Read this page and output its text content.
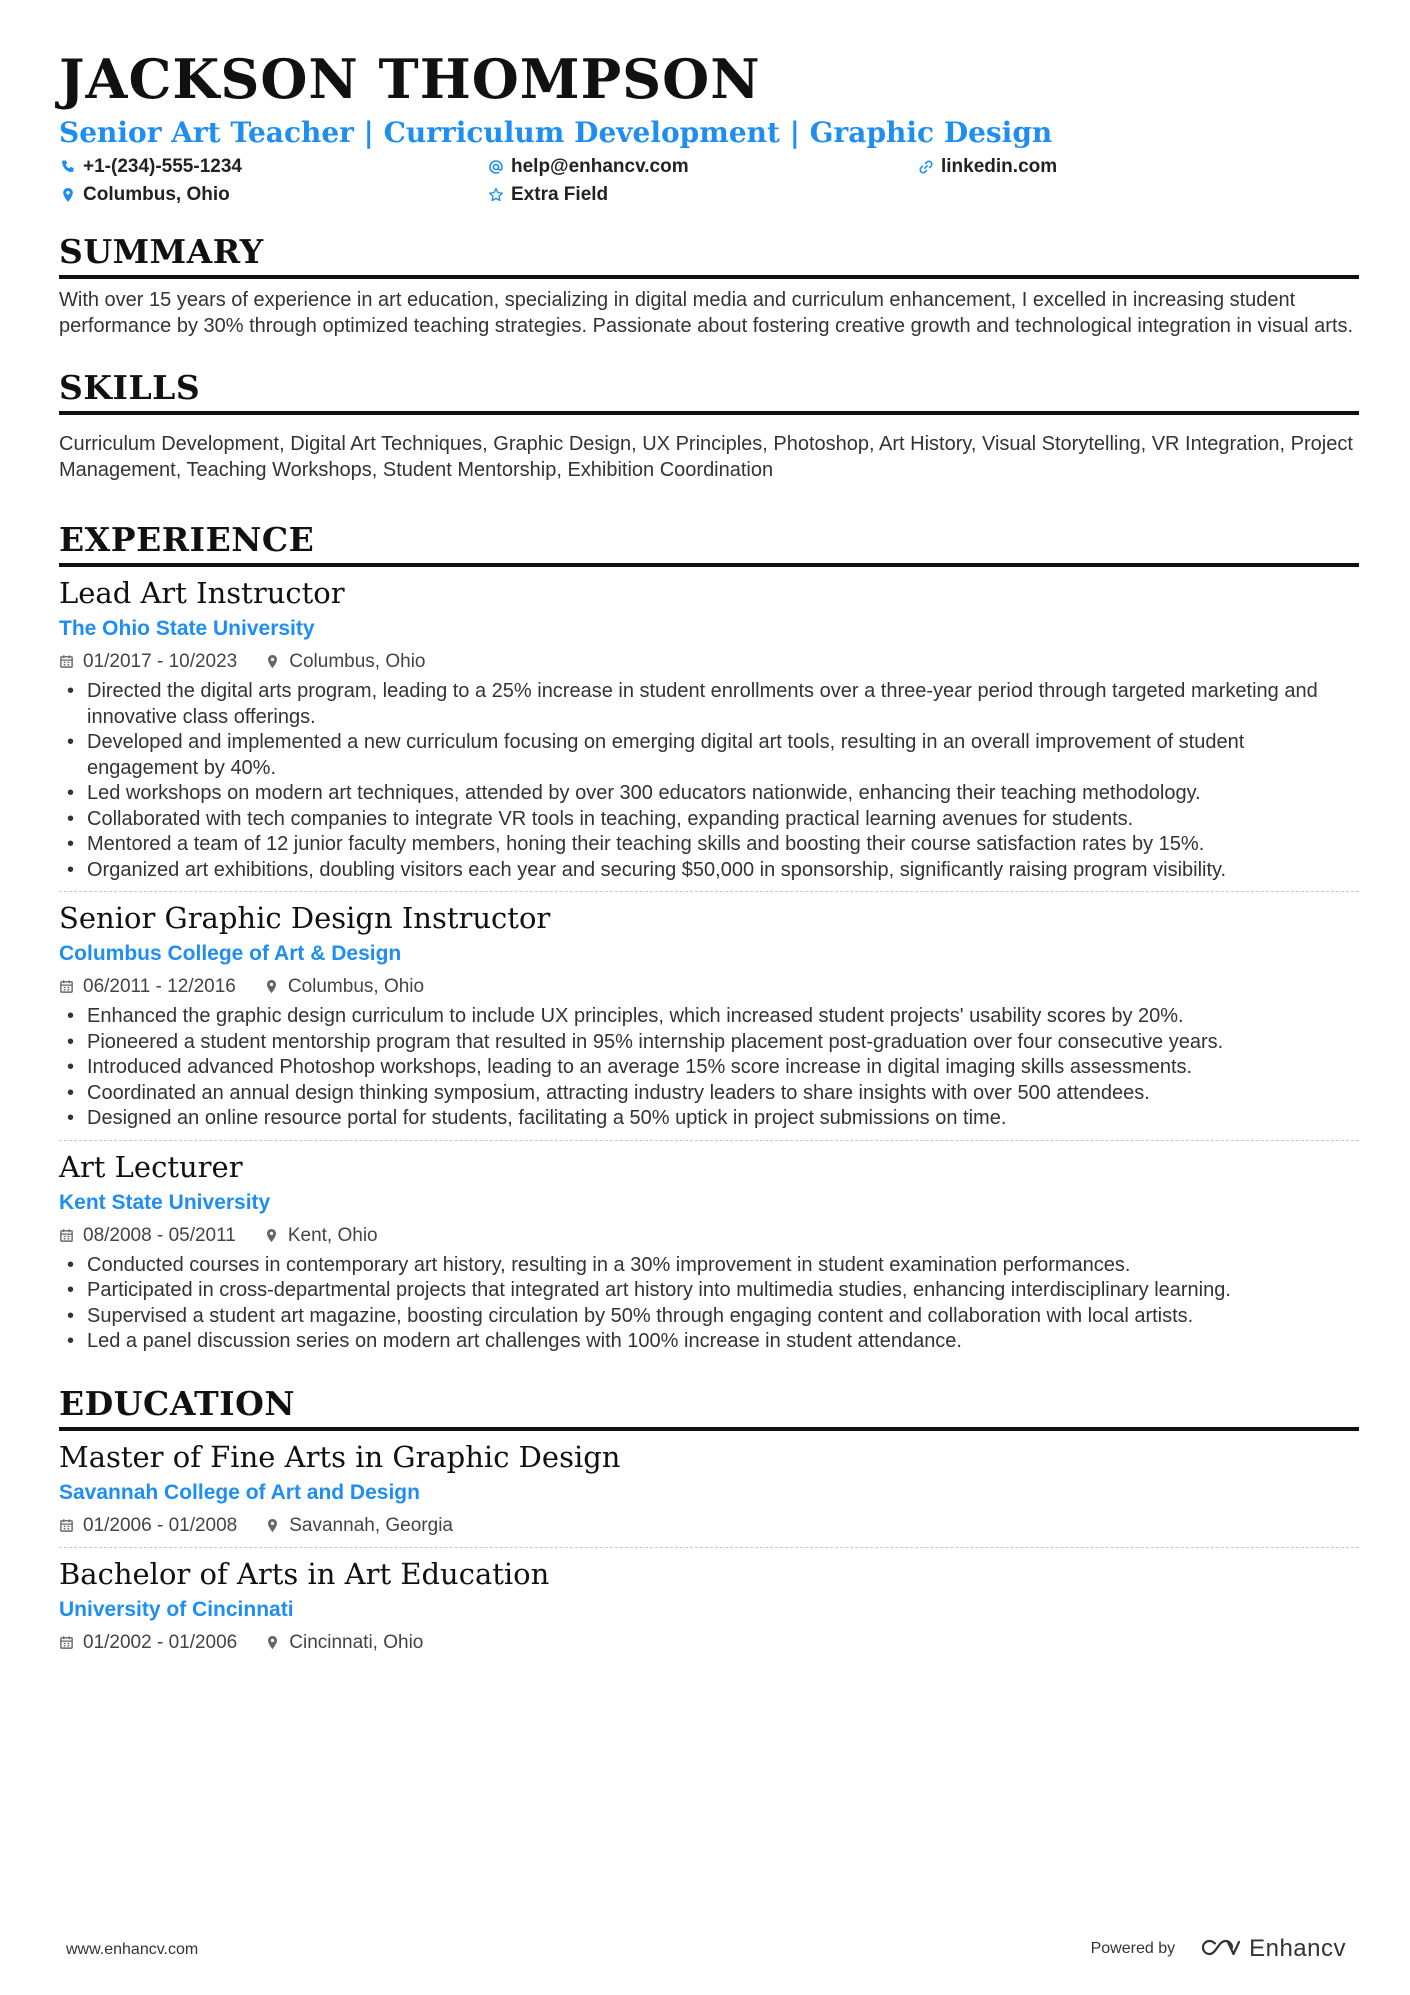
JACKSON THOMPSON
Senior Art Teacher | Curriculum Development | Graphic Design
+1-(234)-555-1234	help@enhancv.com	linkedin.com
Columbus, Ohio	Extra Field
SUMMARY
With over 15 years of experience in art education, specializing in digital media and curriculum enhancement, I excelled in increasing student performance by 30% through optimized teaching strategies. Passionate about fostering creative growth and technological integration in visual arts.
SKILLS
Curriculum Development, Digital Art Techniques, Graphic Design, UX Principles, Photoshop, Art History, Visual Storytelling, VR Integration, Project Management, Teaching Workshops, Student Mentorship, Exhibition Coordination
EXPERIENCE
Lead Art Instructor
The Ohio State University
01/2017 - 10/2023	Columbus, Ohio
• Directed the digital arts program, leading to a 25% increase in student enrollments over a three-year period through targeted marketing and innovative class offerings.
• Developed and implemented a new curriculum focusing on emerging digital art tools, resulting in an overall improvement of student engagement by 40%.
• Led workshops on modern art techniques, attended by over 300 educators nationwide, enhancing their teaching methodology.
• Collaborated with tech companies to integrate VR tools in teaching, expanding practical learning avenues for students.
• Mentored a team of 12 junior faculty members, honing their teaching skills and boosting their course satisfaction rates by 15%.
• Organized art exhibitions, doubling visitors each year and securing $50,000 in sponsorship, significantly raising program visibility.
Senior Graphic Design Instructor
Columbus College of Art & Design
06/2011 - 12/2016	Columbus, Ohio
• Enhanced the graphic design curriculum to include UX principles, which increased student projects' usability scores by 20%.
• Pioneered a student mentorship program that resulted in 95% internship placement post-graduation over four consecutive years.
• Introduced advanced Photoshop workshops, leading to an average 15% score increase in digital imaging skills assessments.
• Coordinated an annual design thinking symposium, attracting industry leaders to share insights with over 500 attendees.
• Designed an online resource portal for students, facilitating a 50% uptick in project submissions on time.
Art Lecturer
Kent State University
08/2008 - 05/2011	Kent, Ohio
• Conducted courses in contemporary art history, resulting in a 30% improvement in student examination performances.
• Participated in cross-departmental projects that integrated art history into multimedia studies, enhancing interdisciplinary learning.
• Supervised a student art magazine, boosting circulation by 50% through engaging content and collaboration with local artists.
• Led a panel discussion series on modern art challenges with 100% increase in student attendance.
EDUCATION
Master of Fine Arts in Graphic Design
Savannah College of Art and Design
01/2006 - 01/2008	Savannah, Georgia
Bachelor of Arts in Art Education
University of Cincinnati
01/2002 - 01/2006	Cincinnati, Ohio
www.enhancv.com	Powered by	Enhancv
